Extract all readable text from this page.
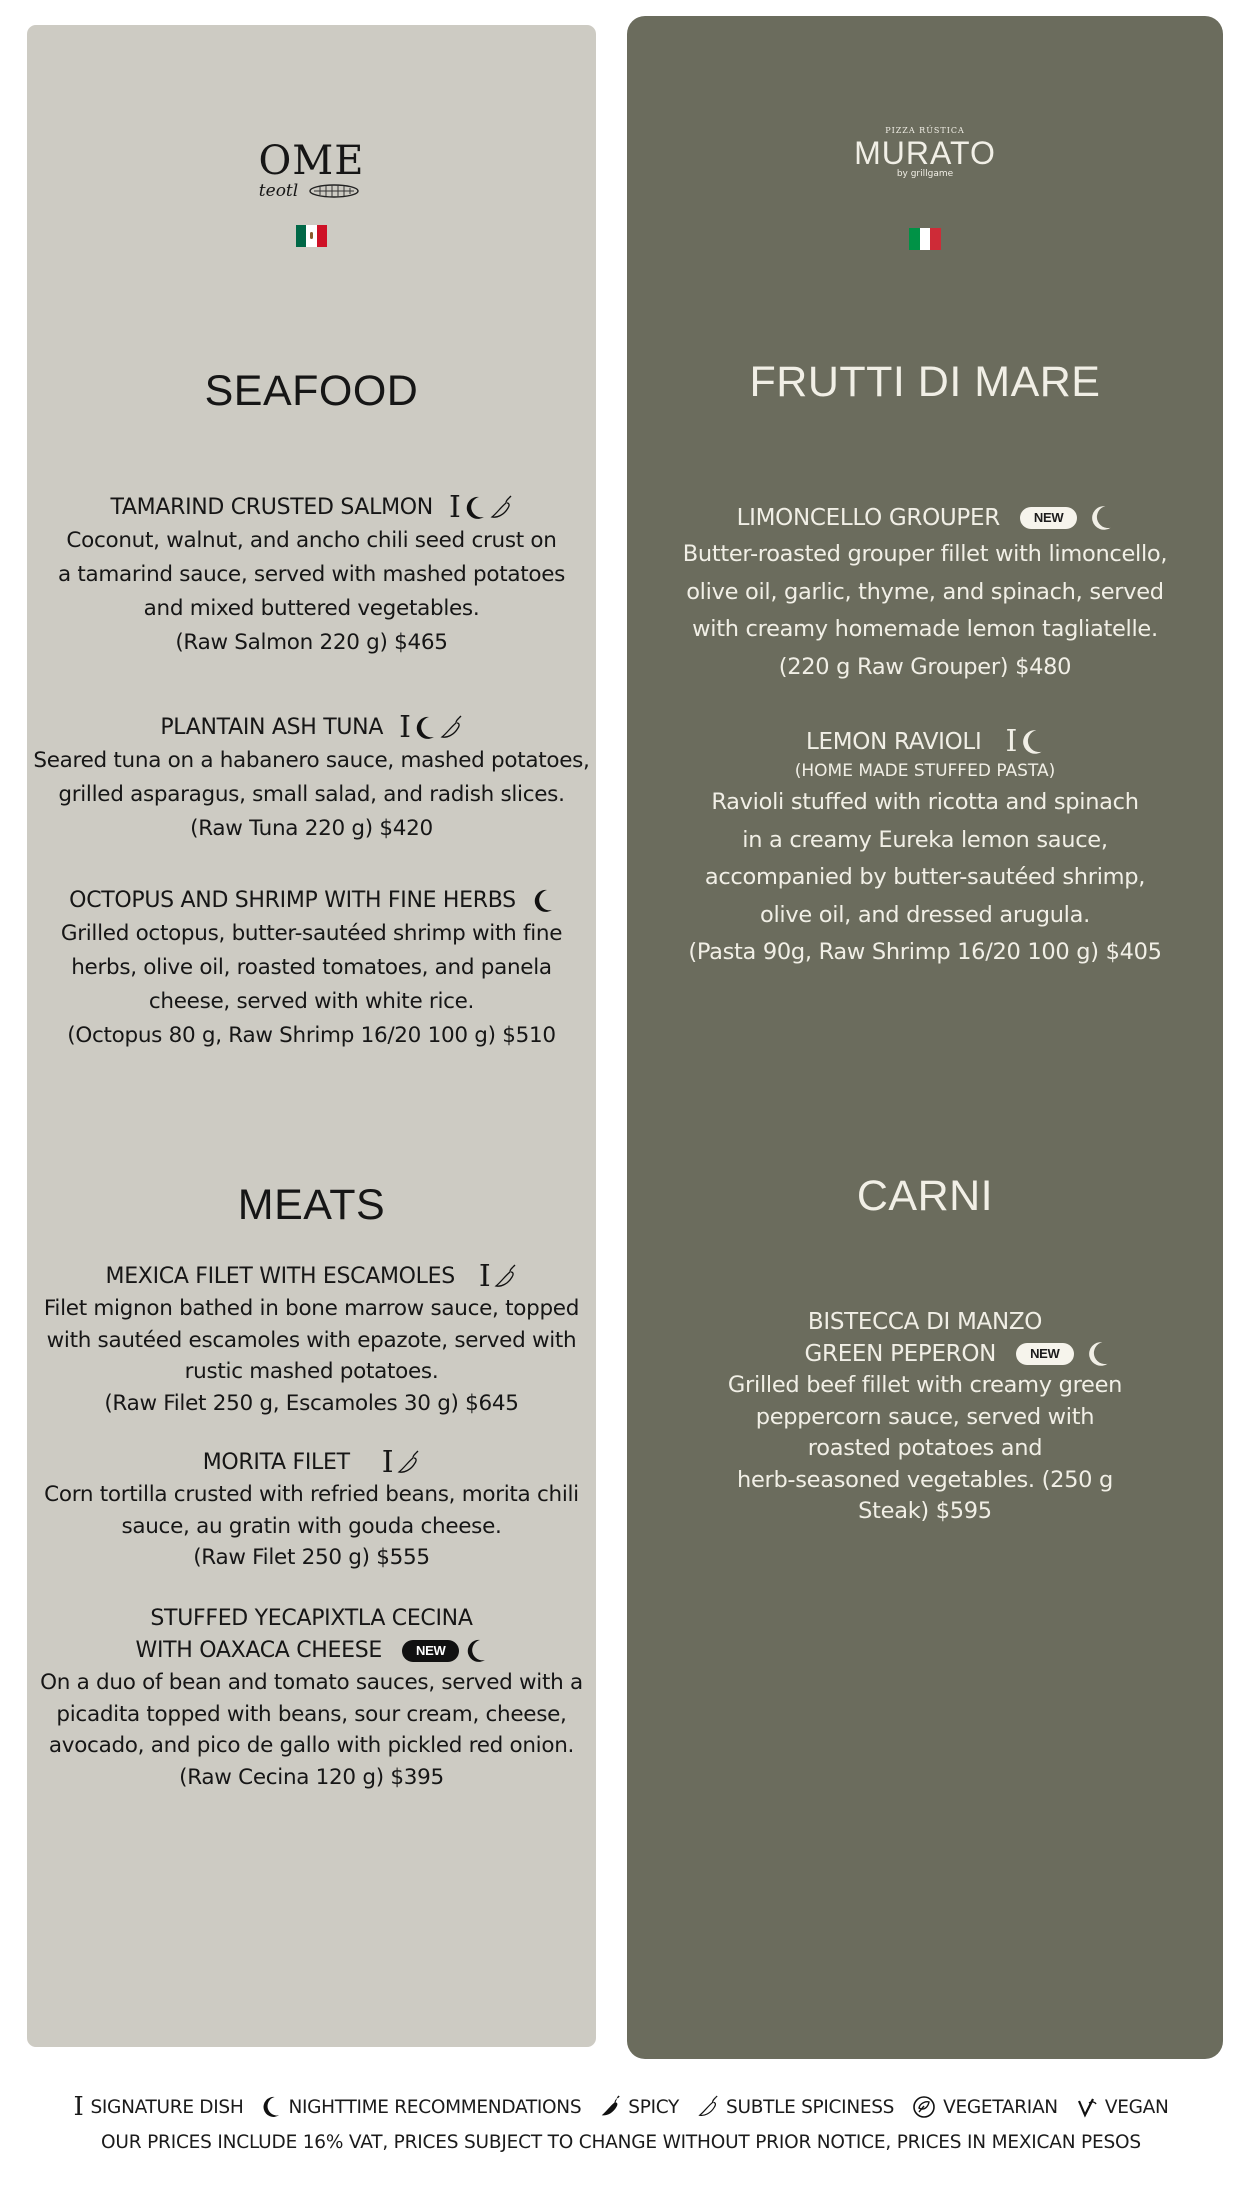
OME
teotl
SEAFOOD
TAMARIND CRUSTED SALMON I
Coconut, walnut, and ancho chili seed crust on
a tamarind sauce, served with mashed potatoes
and mixed buttered vegetables.
(Raw Salmon 220 g) $465
PLANTAIN ASH TUNA I
Seared tuna on a habanero sauce, mashed potatoes,
grilled asparagus, small salad, and radish slices.
(Raw Tuna 220 g) $420
OCTOPUS AND SHRIMP WITH FINE HERBS
Grilled octopus, butter-sautéed shrimp with fine
herbs, olive oil, roasted tomatoes, and panela
cheese, served with white rice.
(Octopus 80 g, Raw Shrimp 16/20 100 g) $510
MEATS
MEXICA FILET WITH ESCAMOLES I
Filet mignon bathed in bone marrow sauce, topped
with sautéed escamoles with epazote, served with
rustic mashed potatoes.
(Raw Filet 250 g, Escamoles 30 g) $645
MORITA FILET I
Corn tortilla crusted with refried beans, morita chili
sauce, au gratin with gouda cheese.
(Raw Filet 250 g) $555
STUFFED YECAPIXTLA CECINA
WITH OAXACA CHEESE	NEW
On a duo of bean and tomato sauces, served with a
picadita topped with beans, sour cream, cheese,
avocado, and pico de gallo with pickled red onion.
(Raw Cecina 120 g) $395
PIZZA RÚSTICA
MURATO
by grillgame
FRUTTI DI MARE
LIMONCELLO GROUPER	NEW
Butter-roasted grouper fillet with limoncello,
olive oil, garlic, thyme, and spinach, served
with creamy homemade lemon tagliatelle.
(220 g Raw Grouper) $480
LEMON RAVIOLI I
(HOME MADE STUFFED PASTA)
Ravioli stuffed with ricotta and spinach
in a creamy Eureka lemon sauce,
accompanied by butter-sautéed shrimp,
olive oil, and dressed arugula.
(Pasta 90g, Raw Shrimp 16/20 100 g) $405
CARNI
BISTECCA DI MANZO
GREEN PEPERON	NEW
Grilled beef fillet with creamy green
peppercorn sauce, served with
roasted potatoes and
herb-seasoned vegetables. (250 g
Steak) $595
I SIGNATURE DISH NIGHTTIME RECOMMENDATIONS	SPICY	SUBTLE SPICINESS	VEGETARIAN	VEGAN
OUR PRICES INCLUDE 16% VAT, PRICES SUBJECT TO CHANGE WITHOUT PRIOR NOTICE, PRICES IN MEXICAN PESOS
